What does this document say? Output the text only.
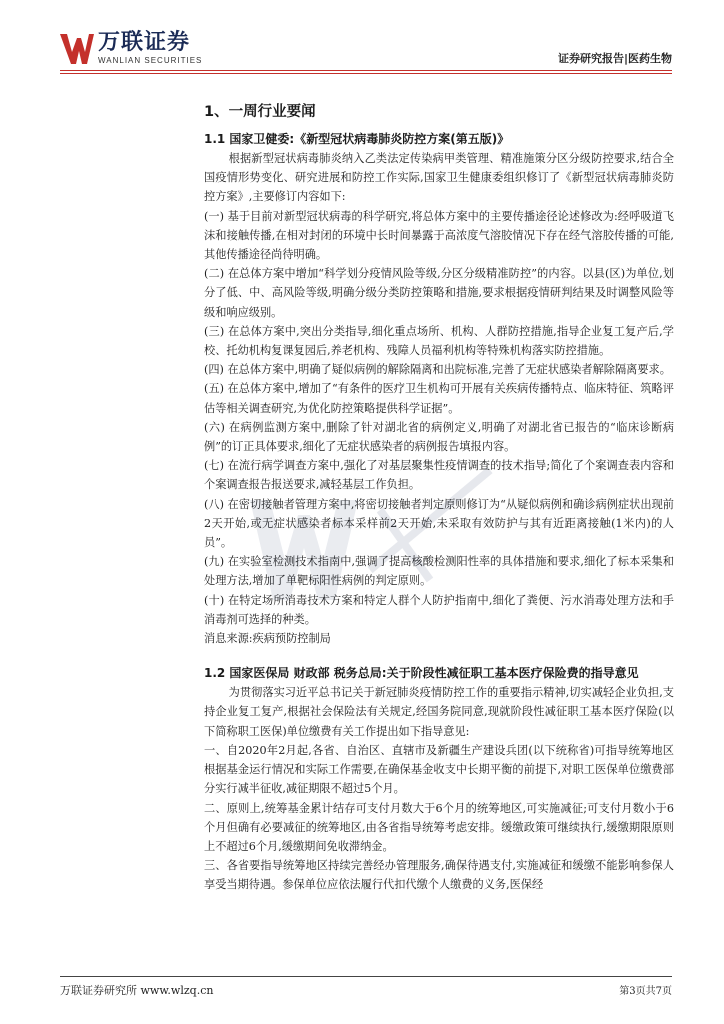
万联证券
WANLIAN SECURITIES	证券研究报告|医药生物
1、一周行业要闻
1.1 国家卫健委:《新型冠状病毒肺炎防控方案(第五版)》
根据新型冠状病毒肺炎纳入乙类法定传染病甲类管理、精准施策分区分级防控要求,结合全国疫情形势变化、研究进展和防控工作实际,国家卫生健康委组织修订了《新型冠状病毒肺炎防控方案》,主要修订内容如下:
(一) 基于目前对新型冠状病毒的科学研究,将总体方案中的主要传播途径论述修改为:经呼吸道飞沫和接触传播,在相对封闭的环境中长时间暴露于高浓度气溶胶情况下存在经气溶胶传播的可能,其他传播途径尚待明确。
(二) 在总体方案中增加“科学划分疫情风险等级,分区分级精准防控”的内容。以县(区)为单位,划分了低、中、高风险等级,明确分级分类防控策略和措施,要求根据疫情研判结果及时调整风险等级和响应级别。
(三) 在总体方案中,突出分类指导,细化重点场所、机构、人群防控措施,指导企业复工复产后,学校、托幼机构复课复园后,养老机构、残障人员福利机构等特殊机构落实防控措施。
(四) 在总体方案中,明确了疑似病例的解除隔离和出院标准,完善了无症状感染者解除隔离要求。
(五) 在总体方案中,增加了“有条件的医疗卫生机构可开展有关疾病传播特点、临床特征、筑略评估等相关调查研究,为优化防控策略提供科学证据”。
(六) 在病例监测方案中,删除了针对湖北省的病例定义,明确了对湖北省已报告的“临床诊断病例”的订正具体要求,细化了无症状感染者的病例报告填报内容。
(七) 在流行病学调查方案中,强化了对基层聚集性疫情调查的技术指导;简化了个案调查表内容和个案调查报告报送要求,减轻基层工作负担。
(八) 在密切接触者管理方案中,将密切接触者判定原则修订为“从疑似病例和确诊病例症状出现前2天开始,或无症状感染者标本采样前2天开始,未采取有效防护与其有近距离接触(1米内)的人员”。
(九) 在实验室检测技术指南中,强调了提高核酸检测阳性率的具体措施和要求,细化了标本采集和处理方法,增加了单靶标阳性病例的判定原则。
(十) 在特定场所消毒技术方案和特定人群个人防护指南中,细化了粪便、污水消毒处理方法和手消毒剂可选择的种类。
消息来源:疾病预防控制局
1.2 国家医保局 财政部 税务总局:关于阶段性减征职工基本医疗保险费的指导意见
为贯彻落实习近平总书记关于新冠肺炎疫情防控工作的重要指示精神,切实减轻企业负担,支持企业复工复产,根据社会保险法有关规定,经国务院同意,现就阶段性减征职工基本医疗保险(以下简称职工医保)单位缴费有关工作提出如下指导意见:
一、自2020年2月起,各省、自治区、直辖市及新疆生产建设兵团(以下统称省)可指导统筹地区根据基金运行情况和实际工作需要,在确保基金收支中长期平衡的前提下,对职工医保单位缴费部分实行减半征收,减征期限不超过5个月。
二、原则上,统筹基金累计结存可支付月数大于6个月的统筹地区,可实施减征;可支付月数小于6个月但确有必要减征的统筹地区,由各省指导统筹考虑安排。缓缴政策可继续执行,缓缴期限原则上不超过6个月,缓缴期间免收滞纳金。
三、各省要指导统筹地区持续完善经办管理服务,确保待遇支付,实施减征和缓缴不能影响参保人享受当期待遇。参保单位应依法履行代扣代缴个人缴费的义务,医保经
万联证券研究所 www.wlzq.cn	第3页共7页
